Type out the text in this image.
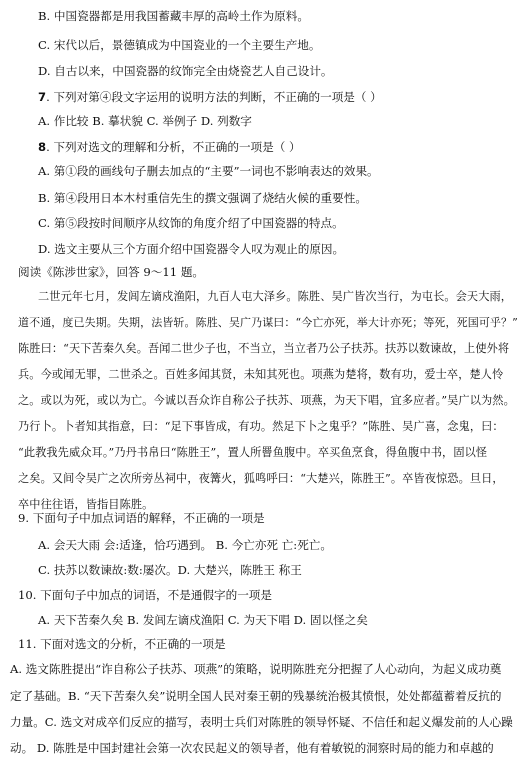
B. 中国瓷器都是用我国蓄藏丰厚的高岭土作为原料。
C. 宋代以后，景德镇成为中国瓷业的一个主要生产地。
D. 自古以来，中国瓷器的纹饰完全由烧瓷艺人自己设计。
7. 下列对第④段文字运用的说明方法的判断，不正确的一项是（ ）
A. 作比较 B. 摹状貌 C. 举例子 D. 列数字
8. 下列对选文的理解和分析，不正确的一项是（ ）
A. 第①段的画线句子删去加点的“主要”一词也不影响表达的效果。
B. 第④段用日本木村重信先生的撰文强调了烧结火候的重要性。
C. 第⑤段按时间顺序从纹饰的角度介绍了中国瓷器的特点。
D. 选文主要从三个方面介绍中国瓷器令人叹为观止的原因。
阅读《陈涉世家》，回答 9～11 题。
二世元年七月，发闾左谪戍渔阳，九百人屯大泽乡。陈胜、吴广皆次当行，为屯长。会天大雨，
道不通，度已失期。失期，法皆斩。陈胜、吴广乃谋曰：“今亡亦死，举大计亦死；等死，死国可乎？”
陈胜曰：“天下苦秦久矣。吾闻二世少子也，不当立，当立者乃公子扶苏。扶苏以数谏故，上使外将
兵。今或闻无罪，二世杀之。百姓多闻其贤，未知其死也。项燕为楚将，数有功，爱士卒，楚人怜
之。或以为死，或以为亡。今诚以吾众诈自称公子扶苏、项燕，为天下唱，宜多应者。”吴广以为然。
乃行卜。卜者知其指意，曰：“足下事皆成，有功。然足下卜之鬼乎？”陈胜、吴广喜，念鬼，曰：
“此教我先威众耳。”乃丹书帛曰“陈胜王”，置人所罾鱼腹中。卒买鱼烹食，得鱼腹中书，固以怪
之矣。又间令吴广之次所旁丛祠中，夜篝火，狐鸣呼曰：“大楚兴，陈胜王”。卒皆夜惊恐。旦日，
卒中往往语，皆指目陈胜。
9. 下面句子中加点词语的解释，不正确的一项是
A. 会天大雨 会:适逢，恰巧遇到。 B. 今亡亦死 亡:死亡。
C. 扶苏以数谏故:数:屡次。D. 大楚兴，陈胜王 称王
10. 下面句子中加点的词语，不是通假字的一项是
A. 天下苦秦久矣 B. 发闾左谪戍渔阳 C. 为天下唱 D. 固以怪之矣
11. 下面对选文的分析，不正确的一项是
A. 选文陈胜提出“诈自称公子扶苏、项燕”的策略，说明陈胜充分把握了人心动向，为起义成功奠
定了基础。B. “天下苦秦久矣”说明全国人民对秦王朝的残暴统治极其愤恨，处处都蕴蓄着反抗的
力量。C. 选文对成卒们反应的描写，表明士兵们对陈胜的领导怀疑、不信任和起义爆发前的人心躁
动。 D. 陈胜是中国封建社会第一次农民起义的领导者，他有着敏锐的洞察时局的能力和卓越的
